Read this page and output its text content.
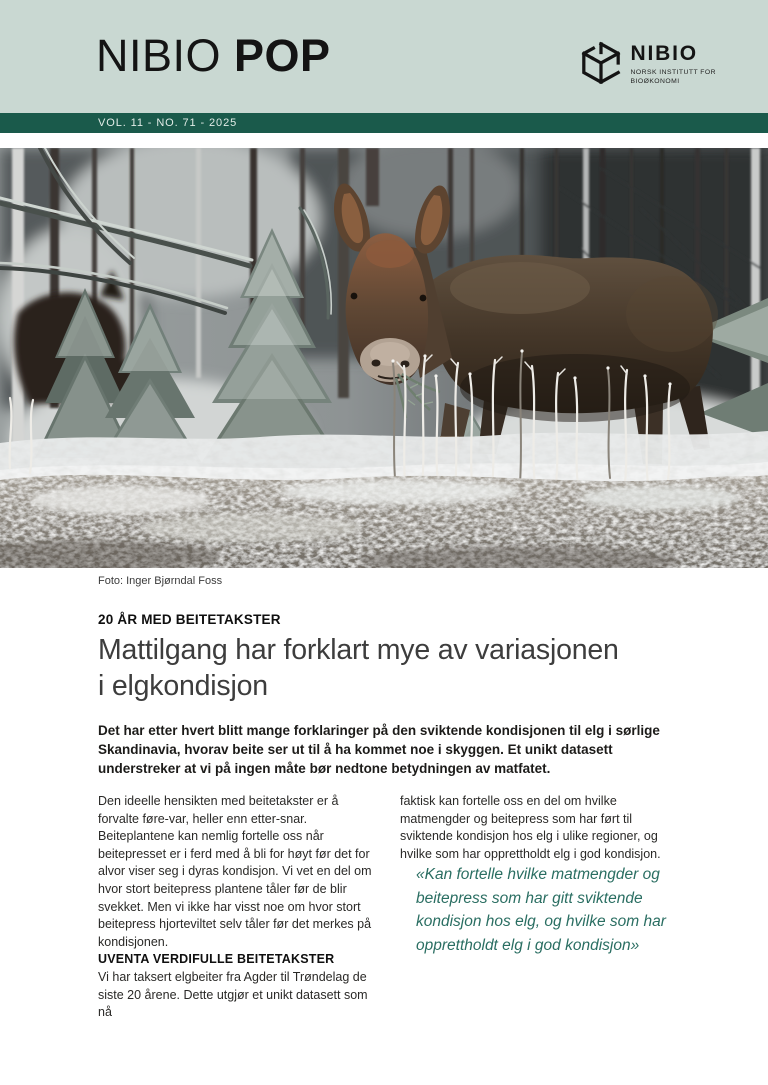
NIBIO POP	NIBIO
NORSK INSTITUTT FOR
BIOØKONOMI
VOL. 11 - NO. 71 - 2025
Foto: Inger Bjørndal Foss
20 ÅR MED BEITETAKSTER
Mattilgang har forklart mye av variasjonen
i elgkondisjon

Det har etter hvert blitt mange forklaringer på den sviktende kondisjonen til elg i sørlige Skandinavia, hvorav beite ser ut til å ha kommet noe i skyggen. Et unikt datasett understreker at vi på ingen måte bør nedtone betydningen av matfatet.

Den ideelle hensikten med beitetakster er å forvalte føre-var, heller enn etter-snar. Beiteplantene kan nemlig fortelle oss når beitepresset er i ferd med å bli for høyt før det for alvor viser seg i dyras kondisjon. Vi vet en del om hvor stort beitepress plantene tåler før de blir svekket. Men vi ikke har visst noe om hvor stort beitepress hjorteviltet selv tåler før det merkes på kondisjonen.

UVENTA VERDIFULLE BEITETAKSTER

Vi har taksert elgbeiter fra Agder til Trøndelag de siste 20 årene. Dette utgjør et unikt datasett som nå

faktisk kan fortelle oss en del om hvilke matmengder og beitepress som har ført til sviktende kondisjon hos elg i ulike regioner, og hvilke som har opprettholdt elg i god kondisjon.

«Kan fortelle hvilke matmengder og beitepress som har gitt sviktende kondisjon hos elg, og hvilke som har opprettholdt elg i god kondisjon»
